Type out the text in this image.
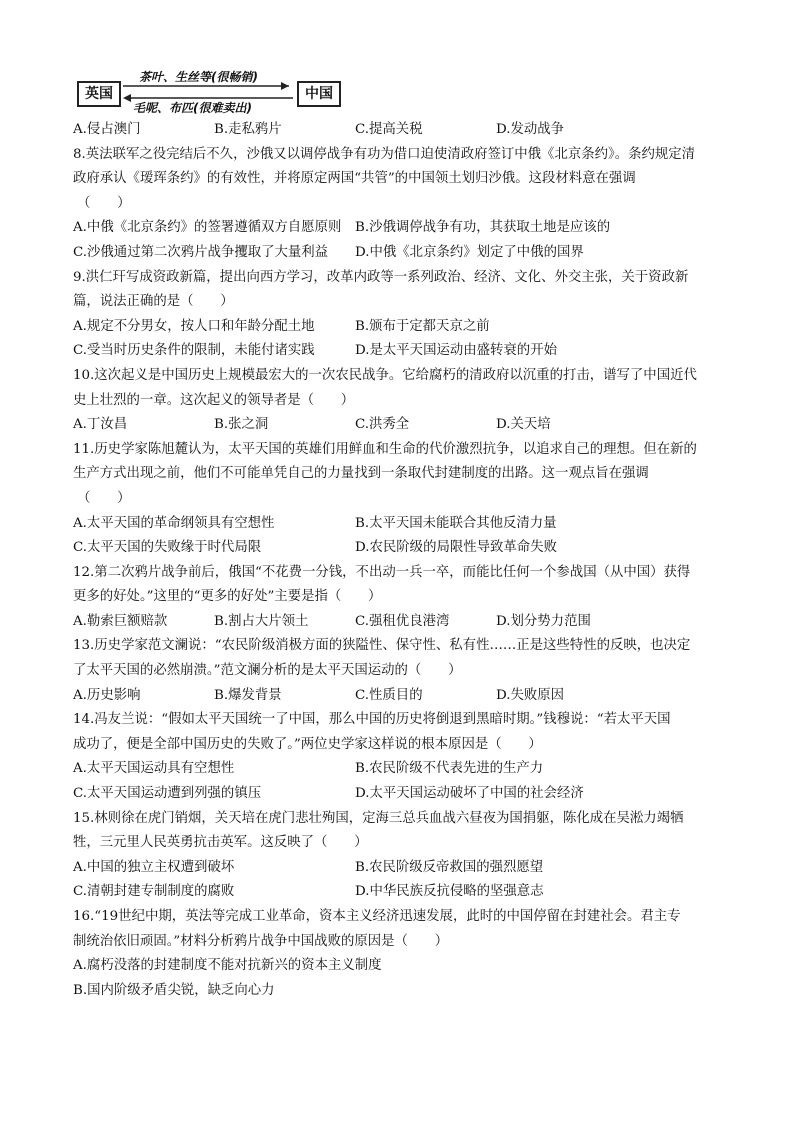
英国
茶叶、生丝等(很畅销)
毛呢、布匹(很难卖出)
中国
A.侵占澳门	B.走私鸦片	C.提高关税	D.发动战争
8.英法联军之役完结后不久，沙俄又以调停战争有功为借口迫使清政府签订中俄《北京条约》。条约规定清
政府承认《瑷珲条约》的有效性，并将原定两国“共管”的中国领土划归沙俄。这段材料意在强调
（　　）
A.中俄《北京条约》的签署遵循双方自愿原则	B.沙俄调停战争有功，其获取土地是应该的
C.沙俄通过第二次鸦片战争攫取了大量利益	D.中俄《北京条约》划定了中俄的国界
9.洪仁玕写成资政新篇，提出向西方学习，改革内政等一系列政治、经济、文化、外交主张，关于资政新
篇，说法正确的是（　　）
A.规定不分男女，按人口和年龄分配土地	B.颁布于定都天京之前
C.受当时历史条件的限制，未能付诸实践	D.是太平天国运动由盛转衰的开始
10.这次起义是中国历史上规模最宏大的一次农民战争。它给腐朽的清政府以沉重的打击，谱写了中国近代
史上壮烈的一章。这次起义的领导者是（　　）
A.丁汝昌	B.张之洞	C.洪秀全	D.关天培
11.历史学家陈旭麓认为，太平天国的英雄们用鲜血和生命的代价激烈抗争，以追求自己的理想。但在新的
生产方式出现之前，他们不可能单凭自己的力量找到一条取代封建制度的出路。这一观点旨在强调
（　　）
A.太平天国的革命纲领具有空想性	B.太平天国未能联合其他反清力量
C.太平天国的失败缘于时代局限	D.农民阶级的局限性导致革命失败
12.第二次鸦片战争前后，俄国“不花费一分钱，不出动一兵一卒，而能比任何一个参战国（从中国）获得
更多的好处。”这里的“更多的好处”主要是指（　　）
A.勒索巨额赔款	B.割占大片领土	C.强租优良港湾	D.划分势力范围
13.历史学家范文澜说：“农民阶级消极方面的狭隘性、保守性、私有性……正是这些特性的反映，也决定
了太平天国的必然崩溃。”范文澜分析的是太平天国运动的（　　）
A.历史影响	B.爆发背景	C.性质目的	D.失败原因
14.冯友兰说：“假如太平天国统一了中国，那么中国的历史将倒退到黑暗时期。”钱穆说：“若太平天国
成功了，便是全部中国历史的失败了。”两位史学家这样说的根本原因是（　　）
A.太平天国运动具有空想性	B.农民阶级不代表先进的生产力
C.太平天国运动遭到列强的镇压	D.太平天国运动破坏了中国的社会经济
15.林则徐在虎门销烟，关天培在虎门悲壮殉国，定海三总兵血战六昼夜为国捐躯，陈化成在吴淞力竭牺
牲，三元里人民英勇抗击英军。这反映了（　　）
A.中国的独立主权遭到破坏	B.农民阶级反帝救国的强烈愿望
C.清朝封建专制制度的腐败	D.中华民族反抗侵略的坚强意志
16.“19世纪中期，英法等完成工业革命，资本主义经济迅速发展，此时的中国停留在封建社会。君主专
制统治依旧顽固。”材料分析鸦片战争中国战败的原因是（　　）
A.腐朽没落的封建制度不能对抗新兴的资本主义制度
B.国内阶级矛盾尖锐，缺乏向心力
